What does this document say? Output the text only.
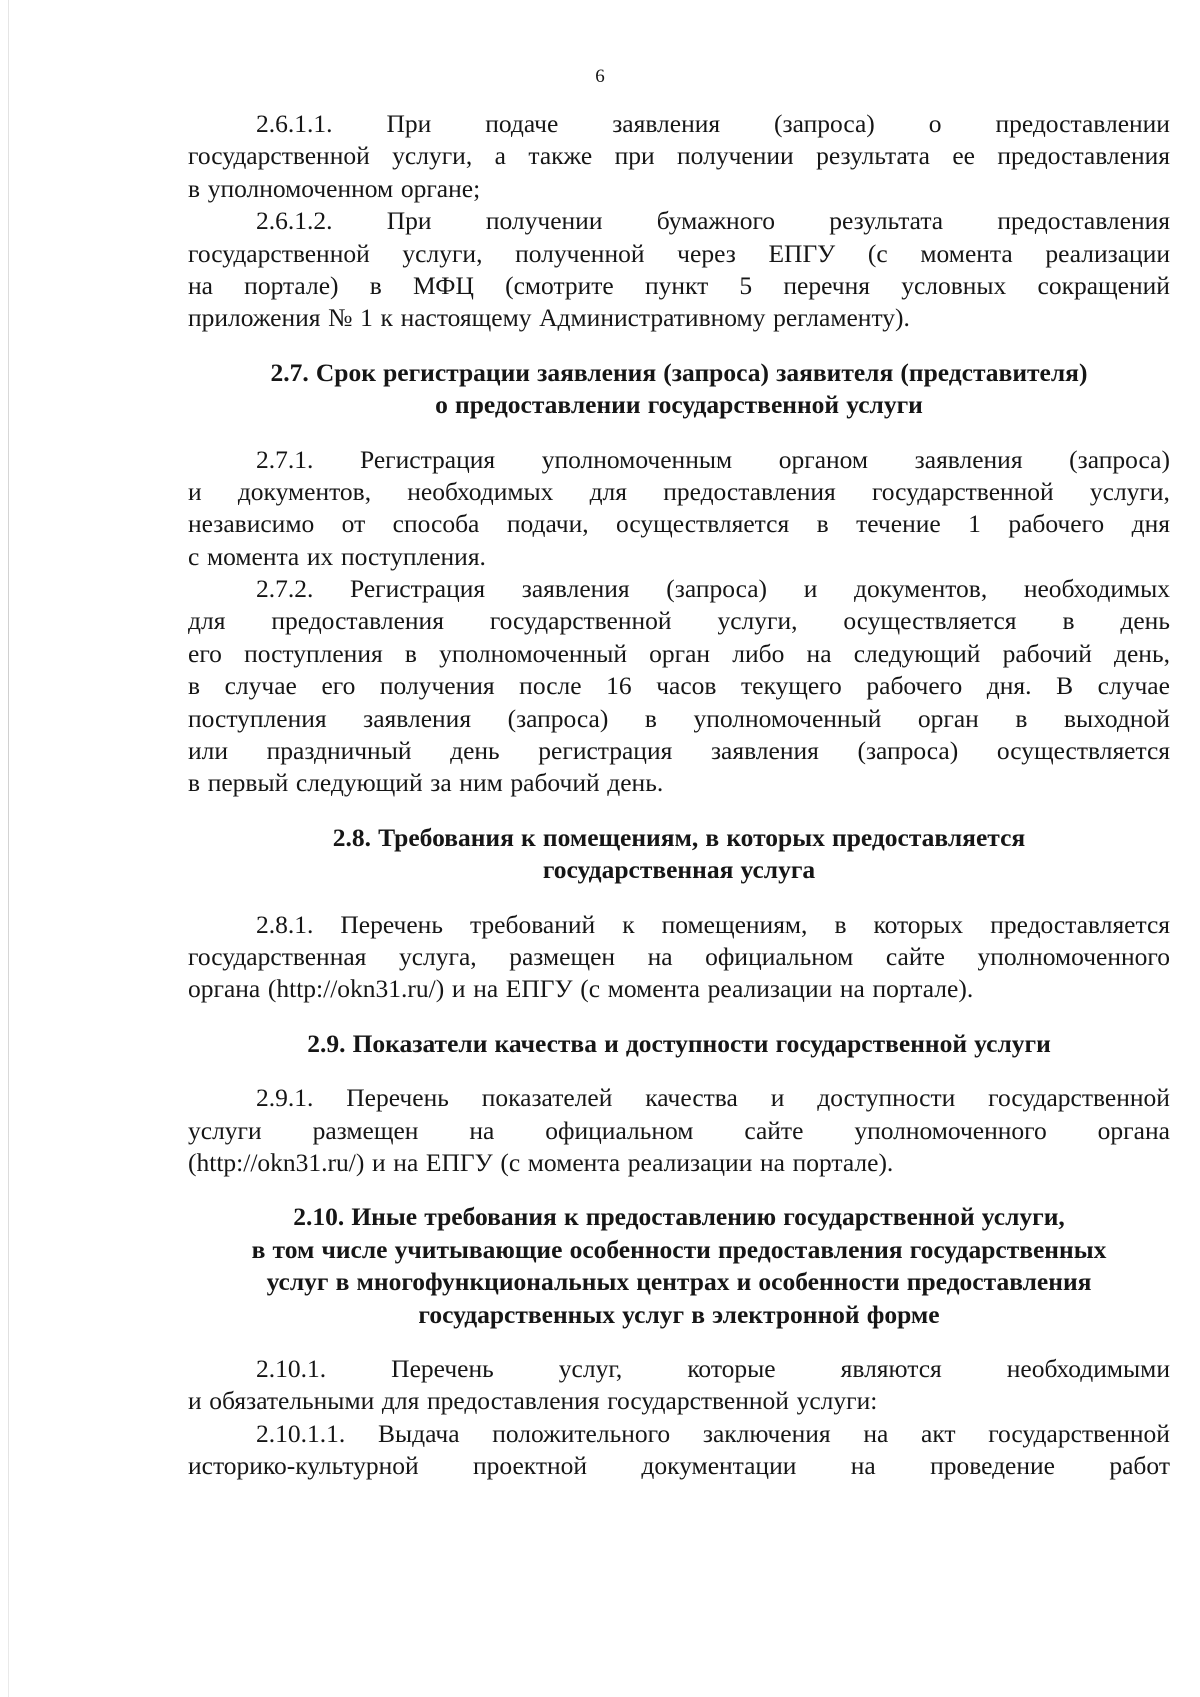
6
2.6.1.1. При подаче заявления (запроса) о предоставлении
государственной услуги, а также при получении результата ее предоставления
в уполномоченном органе;
2.6.1.2. При получении бумажного результата предоставления
государственной услуги, полученной через ЕПГУ (с момента реализации
на портале) в МФЦ (смотрите пункт 5 перечня условных сокращений
приложения № 1 к настоящему Административному регламенту).
2.7. Срок регистрации заявления (запроса) заявителя (представителя)
о предоставлении государственной услуги
2.7.1. Регистрация уполномоченным органом заявления (запроса)
и документов, необходимых для предоставления государственной услуги,
независимо от способа подачи, осуществляется в течение 1 рабочего дня
с момента их поступления.
2.7.2. Регистрация заявления (запроса) и документов, необходимых
для предоставления государственной услуги, осуществляется в день
его поступления в уполномоченный орган либо на следующий рабочий день,
в случае его получения после 16 часов текущего рабочего дня. В случае
поступления заявления (запроса) в уполномоченный орган в выходной
или праздничный день регистрация заявления (запроса) осуществляется
в первый следующий за ним рабочий день.
2.8. Требования к помещениям, в которых предоставляется
государственная услуга
2.8.1. Перечень требований к помещениям, в которых предоставляется
государственная услуга, размещен на официальном сайте уполномоченного
органа (http://okn31.ru/) и на ЕПГУ (с момента реализации на портале).
2.9. Показатели качества и доступности государственной услуги
2.9.1. Перечень показателей качества и доступности государственной
услуги размещен на официальном сайте уполномоченного органа
(http://okn31.ru/) и на ЕПГУ (с момента реализации на портале).
2.10. Иные требования к предоставлению государственной услуги,
в том числе учитывающие особенности предоставления государственных
услуг в многофункциональных центрах и особенности предоставления
государственных услуг в электронной форме
2.10.1.	Перечень	услуг,	которые	являются	необходимыми
и обязательными для предоставления государственной услуги:
2.10.1.1. Выдача положительного заключения на акт государственной
историко-культурной проектной документации на проведение работ
